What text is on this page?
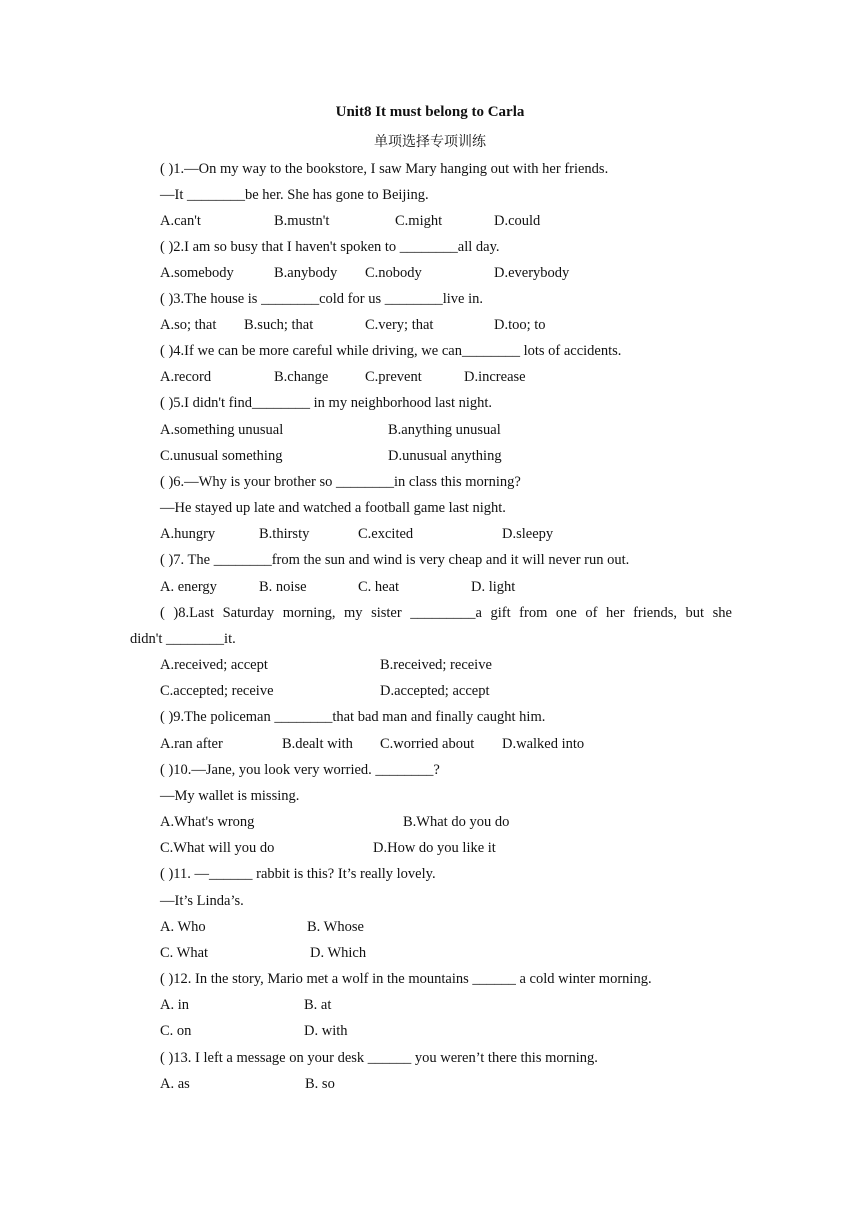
Unit8 It must belong to Carla
单项选择专项训练
( )1.—On my way to the bookstore, I saw Mary hanging out with her friends.
—It ________be her. She has gone to Beijing.
A.can't	B.mustn't	C.might	D.could
( )2.I am so busy that I haven't spoken to ________all day.
A.somebody	B.anybody C.nobody	D.everybody
( )3.The house is ________cold for us ________live in.
A.so; that B.such; that	C.very; that	D.too; to
( )4.If we can be more careful while driving, we can________ lots of accidents.
A.record	B.change	C.prevent	D.increase
( )5.I didn't find________ in my neighborhood last night.
A.something unusual	B.anything unusual
C.unusual something	D.unusual anything
( )6.—Why is your brother so ________in class this morning?
—He stayed up late and watched a football game last night.
A.hungry	B.thirsty	C.excited	D.sleepy
( )7. The ________from the sun and wind is very cheap and it will never run out.
A. energy	B. noise	C. heat	D. light
( )8.Last Saturday morning, my sister _________a gift from one of her friends, but she
didn't ________it.
A.received; accept	B.received; receive
C.accepted; receive	D.accepted; accept
( )9.The policeman ________that bad man and finally caught him.
A.ran after	B.dealt with C.worried about D.walked into
( )10.—Jane, you look very worried. ________?
—My wallet is missing.
A.What's wrong	B.What do you do
C.What will you do	D.How do you like it
( )11. —______ rabbit is this? It’s really lovely.
—It’s Linda’s.
A. Who	B. Whose
C. What	D. Which
( )12. In the story, Mario met a wolf in the mountains ______ a cold winter morning.
A. in	B. at
C. on	D. with
( )13. I left a message on your desk ______ you weren’t there this morning.
A. as	B. so
